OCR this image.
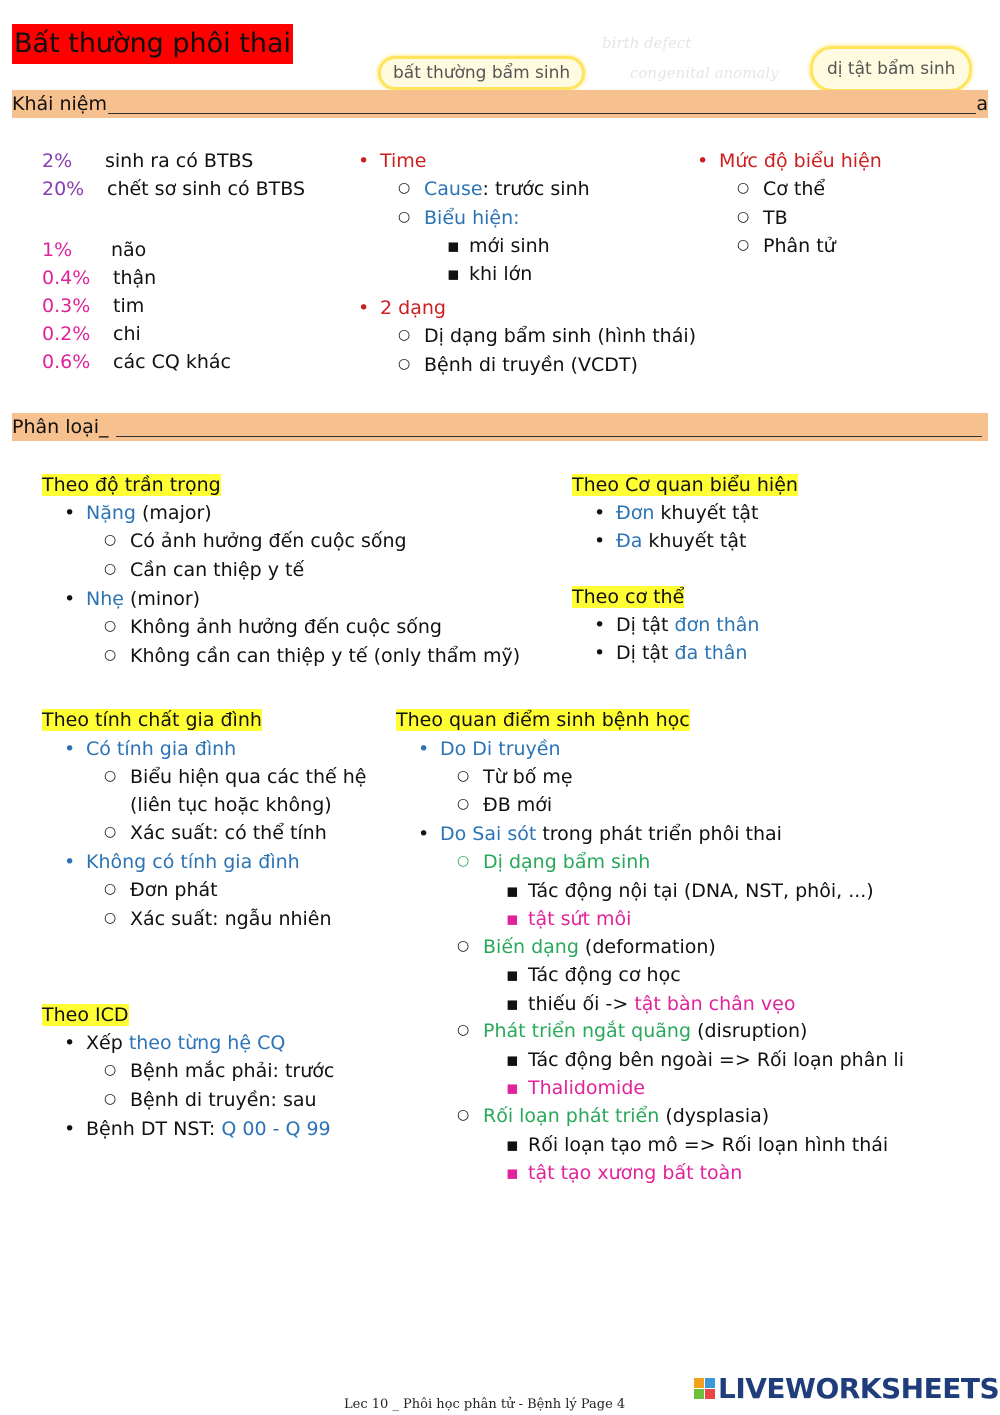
Bất thường phôi thai	birth defect
bất thường bẩm sinh	congenital anomaly	dị tật bẩm sinh
Khái niệm	a
2% sinh ra có BTBS
20% chết sơ sinh có BTBS
1% não
0.4% thận
0.3% tim
0.2% chi
0.6% các CQ khác
• Time
○ Cause: trước sinh
○ Biểu hiện:
▪ mới sinh
▪ khi lớn
• 2 dạng
○ Dị dạng bẩm sinh (hình thái)
○ Bệnh di truyền (VCDT)
• Mức độ biểu hiện
○ Cơ thể
○ TB
○ Phân tử
Phân loại_
Theo độ trần trọng
• Nặng (major)
○ Có ảnh hưởng đến cuộc sống
○ Cần can thiệp y tế
• Nhẹ (minor)
○ Không ảnh hưởng đến cuộc sống
○ Không cần can thiệp y tế (only thẩm mỹ)
Theo Cơ quan biểu hiện
• Đơn khuyết tật
• Đa khuyết tật
Theo cơ thể
• Dị tật đơn thân
• Dị tật đa thân
Theo tính chất gia đình
• Có tính gia đình
○ Biểu hiện qua các thế hệ
(liên tục hoặc không)
○ Xác suất: có thể tính
• Không có tính gia đình
○ Đơn phát
○ Xác suất: ngẫu nhiên
Theo quan điểm sinh bệnh học
• Do Di truyền
○ Từ bố mẹ
○ ĐB mới
• Do Sai sót trong phát triển phôi thai
○ Dị dạng bẩm sinh
▪ Tác động nội tại (DNA, NST, phôi, ...)
▪ tật sứt môi
○ Biến dạng (deformation)
▪ Tác động cơ học
▪ thiếu ối -> tật bàn chân vẹo
○ Phát triển ngắt quãng (disruption)
▪ Tác động bên ngoài => Rối loạn phân li
▪ Thalidomide
○ Rối loạn phát triển (dysplasia)
▪ Rối loạn tạo mô => Rối loạn hình thái
▪ tật tạo xương bất toàn
Theo ICD
• Xếp theo từng hệ CQ
○ Bệnh mắc phải: trước
○ Bệnh di truyền: sau
• Bệnh DT NST: Q 00 - Q 99
Lec 10 _ Phôi học phân tử - Bệnh lý Page 4	LIVEWORKSHEETS
